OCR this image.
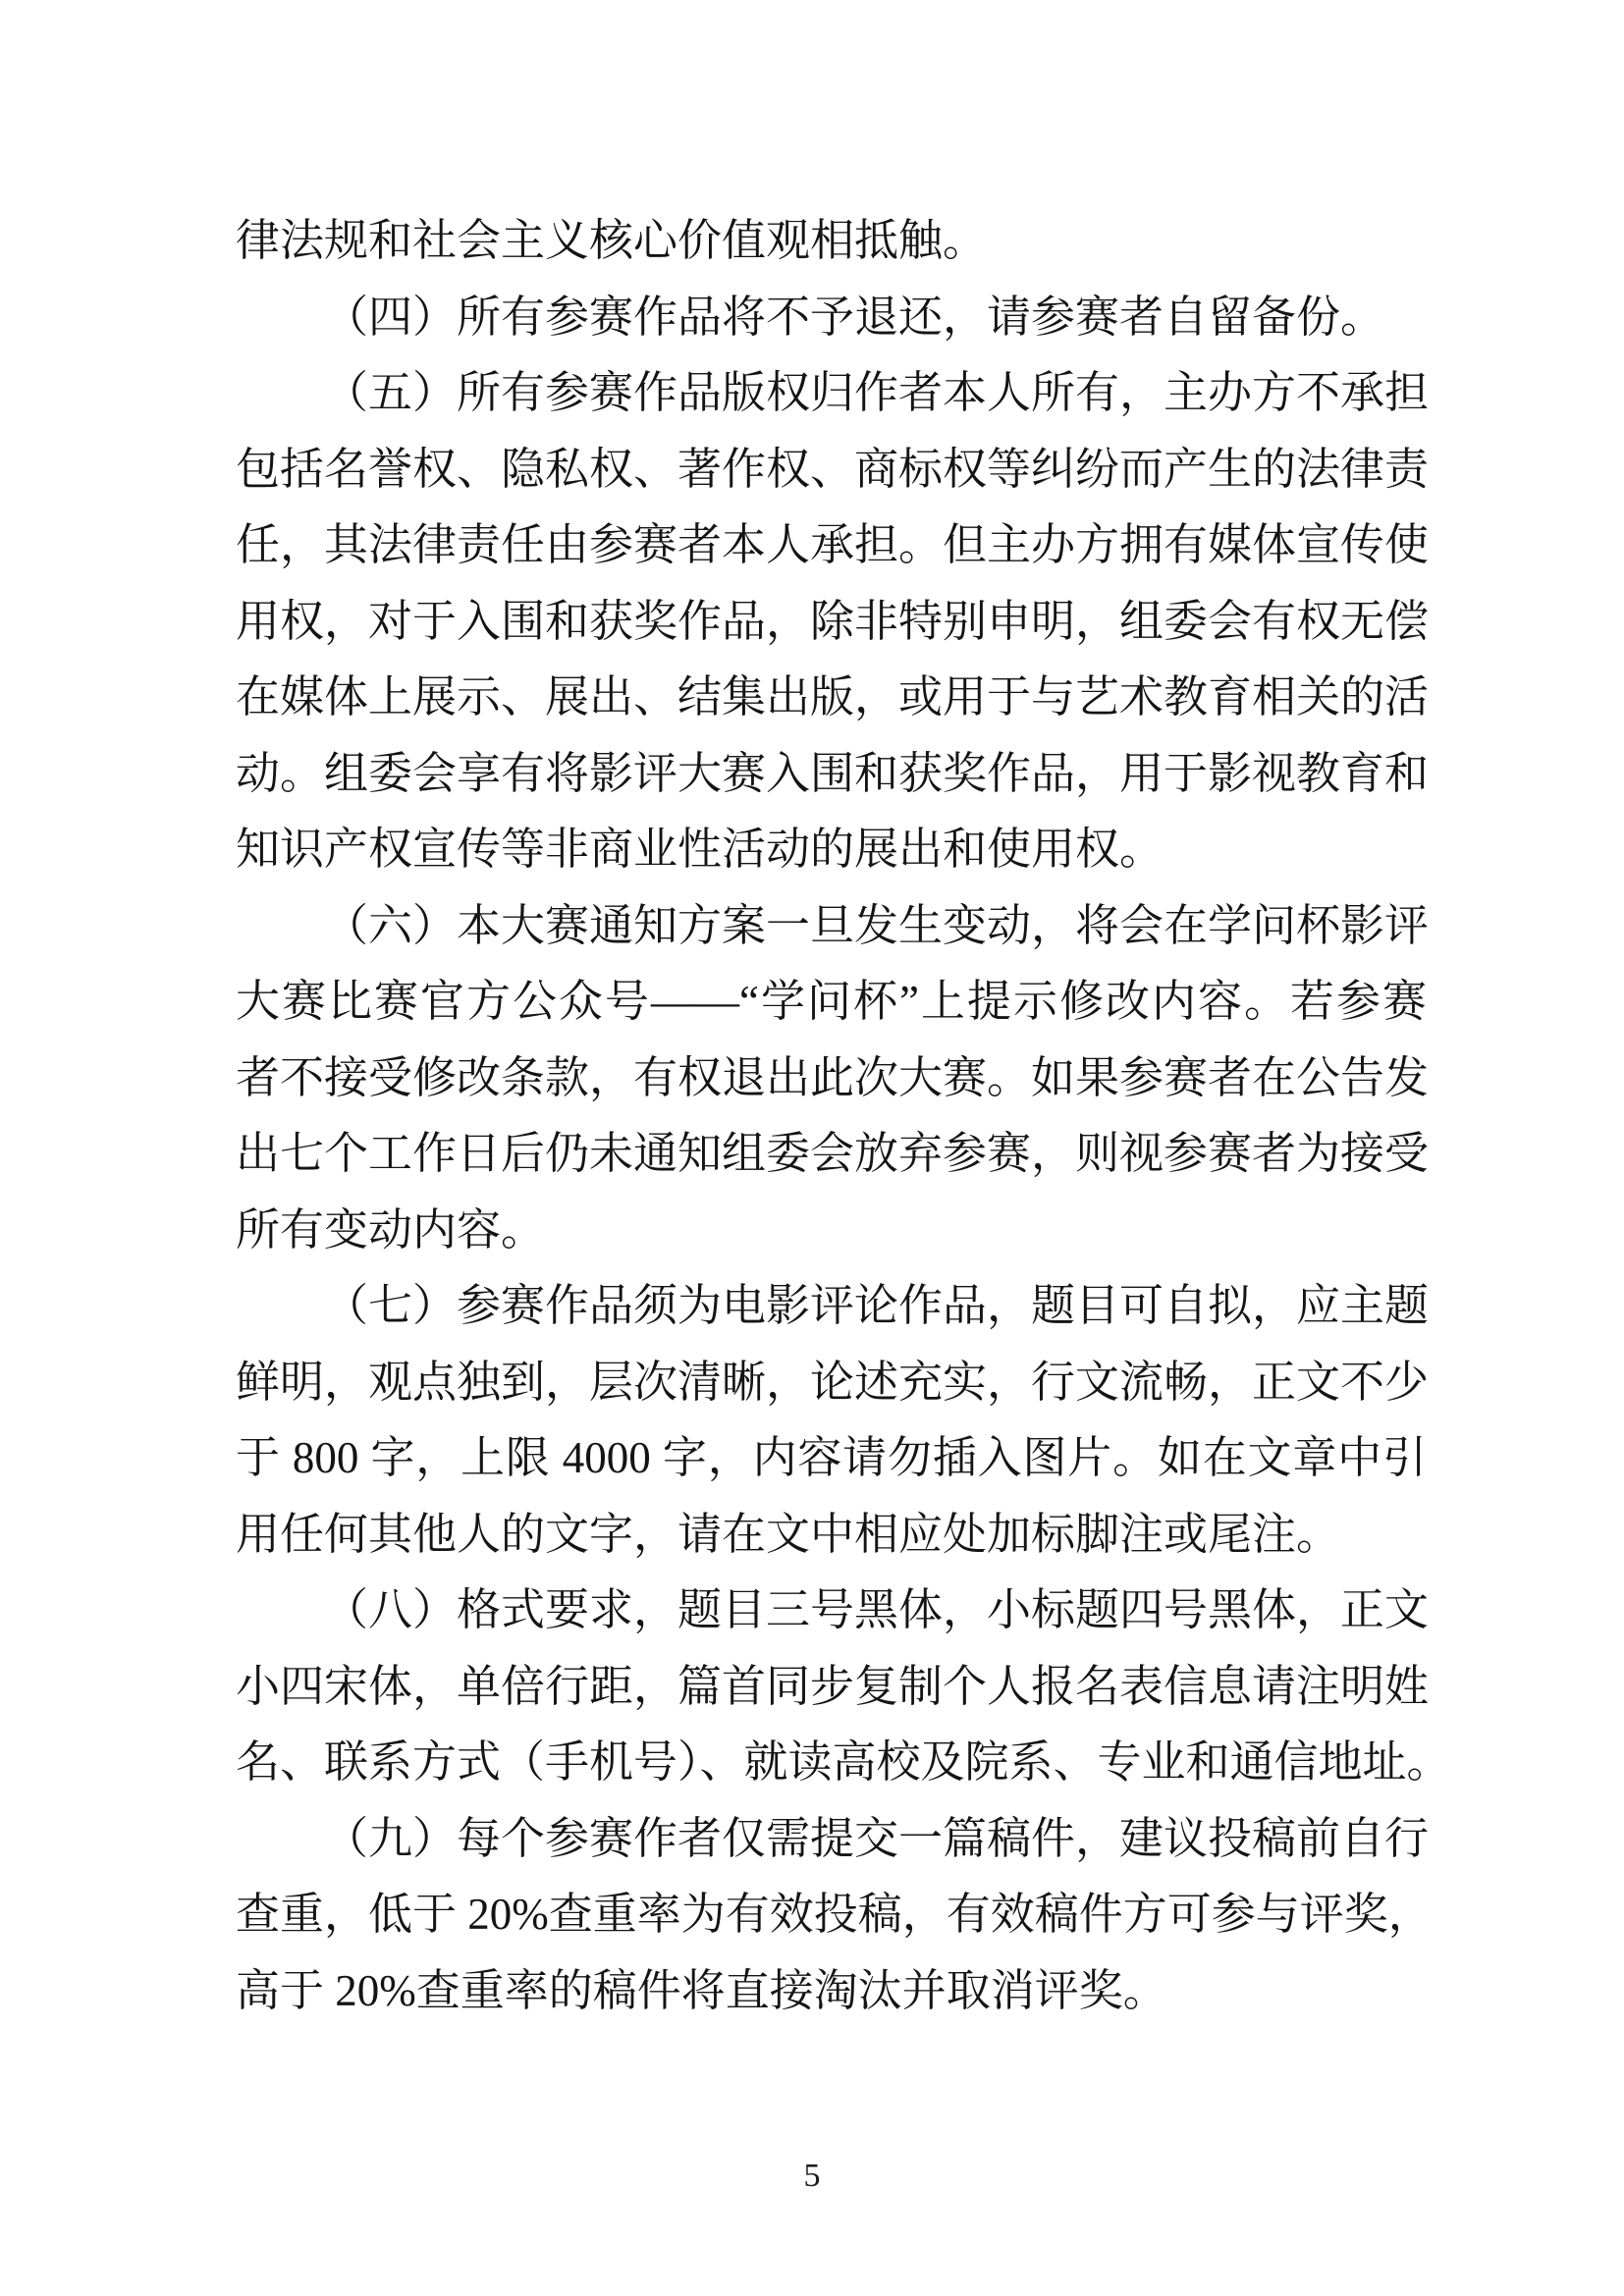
律法规和社会主义核心价值观相抵触。
（四）所有参赛作品将不予退还，请参赛者自留备份。
（五）所有参赛作品版权归作者本人所有，主办方不承担
包括名誉权、隐私权、著作权、商标权等纠纷而产生的法律责
任，其法律责任由参赛者本人承担。但主办方拥有媒体宣传使
用权，对于入围和获奖作品，除非特别申明，组委会有权无偿
在媒体上展示、展出、结集出版，或用于与艺术教育相关的活
动。组委会享有将影评大赛入围和获奖作品，用于影视教育和
知识产权宣传等非商业性活动的展出和使用权。
（六）本大赛通知方案一旦发生变动，将会在学问杯影评
大赛比赛官方公众号——“学问杯”上提示修改内容。若参赛
者不接受修改条款，有权退出此次大赛。如果参赛者在公告发
出七个工作日后仍未通知组委会放弃参赛，则视参赛者为接受
所有变动内容。
（七）参赛作品须为电影评论作品，题目可自拟，应主题
鲜明，观点独到，层次清晰，论述充实，行文流畅，正文不少
于 800 字，上限 4000 字，内容请勿插入图片。如在文章中引
用任何其他人的文字，请在文中相应处加标脚注或尾注。
（八）格式要求，题目三号黑体，小标题四号黑体，正文
小四宋体，单倍行距，篇首同步复制个人报名表信息请注明姓
名、联系方式（手机号）、就读高校及院系、专业和通信地址。
（九）每个参赛作者仅需提交一篇稿件，建议投稿前自行
查重，低于 20%查重率为有效投稿，有效稿件方可参与评奖，
高于 20%查重率的稿件将直接淘汰并取消评奖。
5
